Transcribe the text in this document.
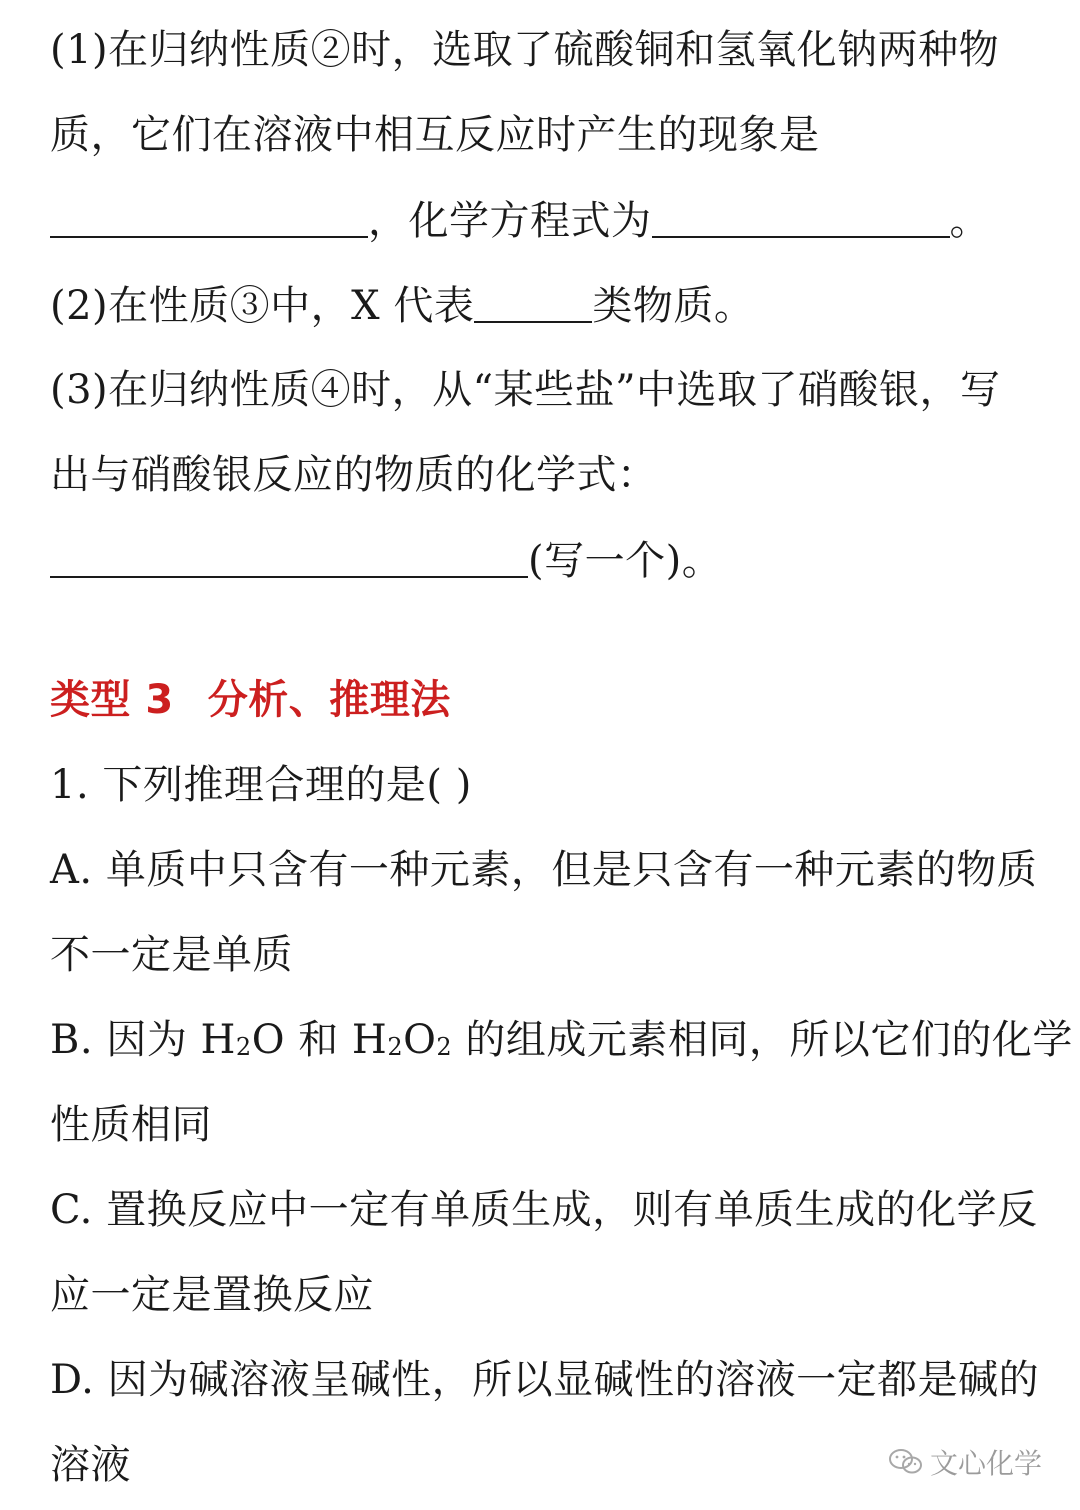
(1)在归纳性质②时，选取了硫酸铜和氢氧化钠两种物
质，它们在溶液中相互反应时产生的现象是
，化学方程式为	。
(2)在性质③中，X 代表	类物质。
(3)在归纳性质④时，从“某些盐”中选取了硝酸银，写
出与硝酸银反应的物质的化学式：
(写一个)。
类型 3 分析、推理法
1. 下列推理合理的是( )
A. 单质中只含有一种元素，但是只含有一种元素的物质
不一定是单质
B. 因为 $H_2O$ 和 $H_2O_2$ 的组成元素相同，所以它们的化学
性质相同
C. 置换反应中一定有单质生成，则有单质生成的化学反
应一定是置换反应
D. 因为碱溶液呈碱性，所以显碱性的溶液一定都是碱的
溶液	文心化学
